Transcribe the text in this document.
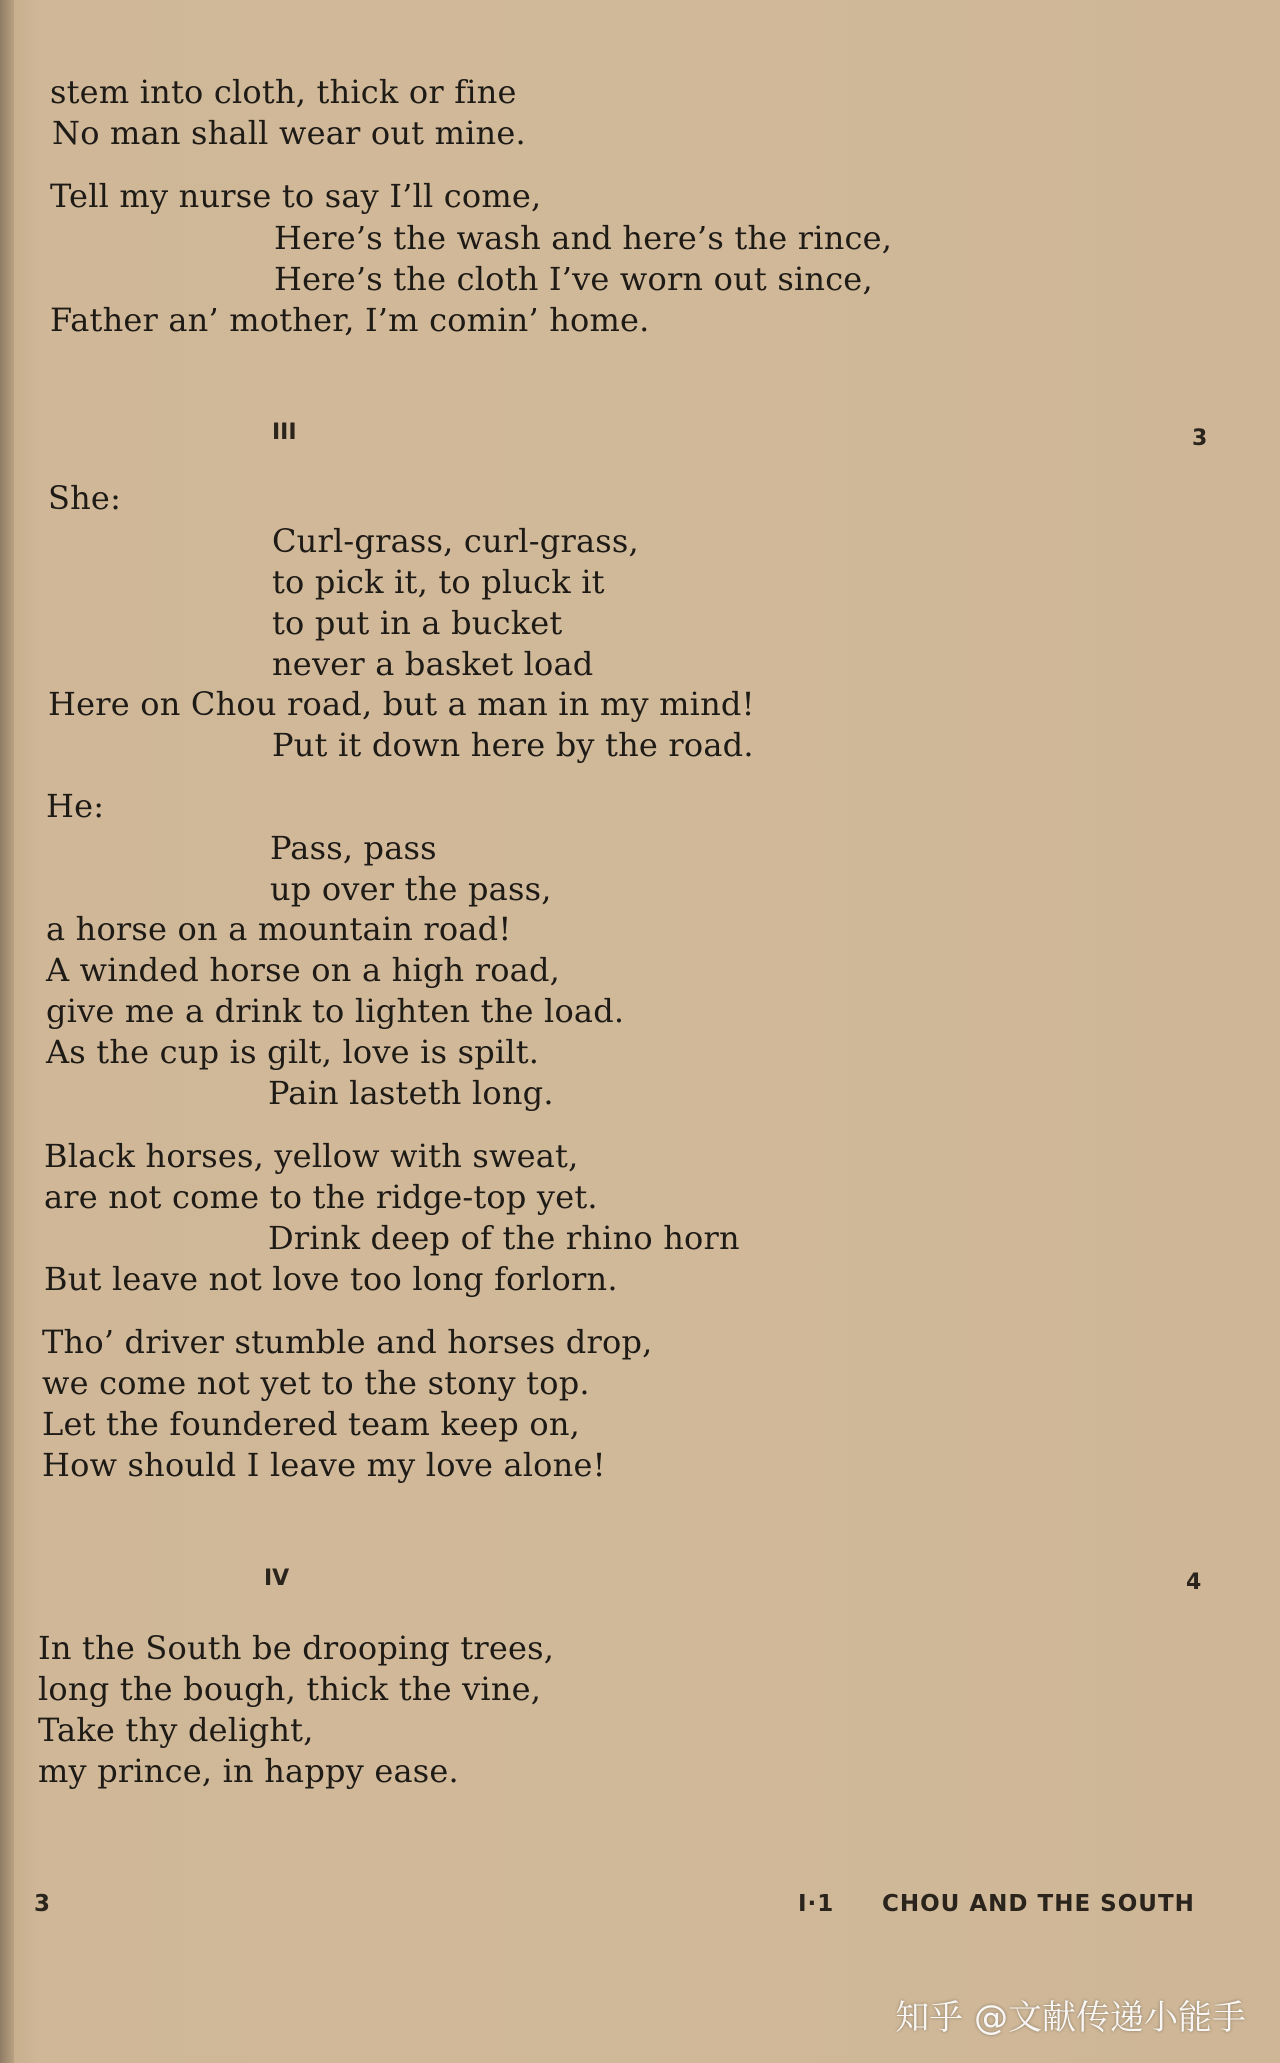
stem into cloth, thick or fine
No man shall wear out mine.
Tell my nurse to say I’ll come,
Here’s the wash and here’s the rince,
Here’s the cloth I’ve worn out since,
Father an’ mother, I’m comin’ home.
III	3
She:
Curl-grass, curl-grass,
to pick it, to pluck it
to put in a bucket
never a basket load
Here on Chou road, but a man in my mind!
Put it down here by the road.
He:
Pass, pass
up over the pass,
a horse on a mountain road!
A winded horse on a high road,
give me a drink to lighten the load.
As the cup is gilt, love is spilt.
Pain lasteth long.
Black horses, yellow with sweat,
are not come to the ridge-top yet.
Drink deep of the rhino horn
But leave not love too long forlorn.
Tho’ driver stumble and horses drop,
we come not yet to the stony top.
Let the foundered team keep on,
How should I leave my love alone!
IV	4
In the South be drooping trees,
long the bough, thick the vine,
Take thy delight,
my prince, in happy ease.
3	I·1 CHOU AND THE SOUTH
知乎 @文献传递小能手
